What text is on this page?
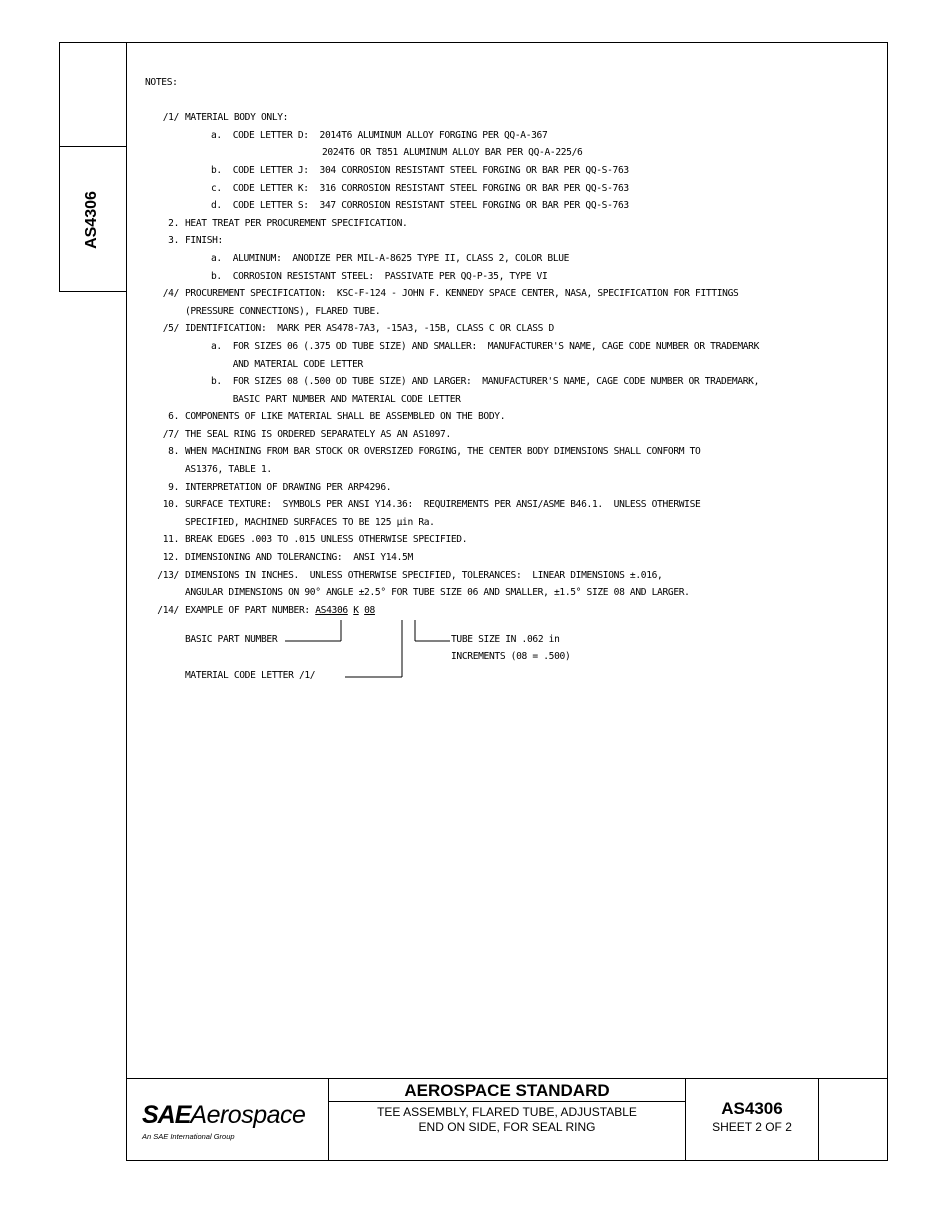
AS4306
NOTES:
/1/ MATERIAL BODY ONLY:
a.  CODE LETTER D:  2014T6 ALUMINUM ALLOY FORGING PER QQ-A-367
2024T6 OR T851 ALUMINUM ALLOY BAR PER QQ-A-225/6
b.  CODE LETTER J:  304 CORROSION RESISTANT STEEL FORGING OR BAR PER QQ-S-763
c.  CODE LETTER K:  316 CORROSION RESISTANT STEEL FORGING OR BAR PER QQ-S-763
d.  CODE LETTER S:  347 CORROSION RESISTANT STEEL FORGING OR BAR PER QQ-S-763
2. HEAT TREAT PER PROCUREMENT SPECIFICATION.
3. FINISH:
a.  ALUMINUM:  ANODIZE PER MIL-A-8625 TYPE II, CLASS 2, COLOR BLUE
b.  CORROSION RESISTANT STEEL:  PASSIVATE PER QQ-P-35, TYPE VI
/4/ PROCUREMENT SPECIFICATION:  KSC-F-124 - JOHN F. KENNEDY SPACE CENTER, NASA, SPECIFICATION FOR FITTINGS
(PRESSURE CONNECTIONS), FLARED TUBE.
/5/ IDENTIFICATION:  MARK PER AS478-7A3, -15A3, -15B, CLASS C OR CLASS D
a.  FOR SIZES 06 (.375 OD TUBE SIZE) AND SMALLER:  MANUFACTURER'S NAME, CAGE CODE NUMBER OR TRADEMARK
AND MATERIAL CODE LETTER
b.  FOR SIZES 08 (.500 OD TUBE SIZE) AND LARGER:  MANUFACTURER'S NAME, CAGE CODE NUMBER OR TRADEMARK,
BASIC PART NUMBER AND MATERIAL CODE LETTER
6. COMPONENTS OF LIKE MATERIAL SHALL BE ASSEMBLED ON THE BODY.
/7/ THE SEAL RING IS ORDERED SEPARATELY AS AN AS1097.
8. WHEN MACHINING FROM BAR STOCK OR OVERSIZED FORGING, THE CENTER BODY DIMENSIONS SHALL CONFORM TO
AS1376, TABLE 1.
9. INTERPRETATION OF DRAWING PER ARP4296.
10. SURFACE TEXTURE:  SYMBOLS PER ANSI Y14.36:  REQUIREMENTS PER ANSI/ASME B46.1.  UNLESS OTHERWISE
SPECIFIED, MACHINED SURFACES TO BE 125 μin Ra.
11. BREAK EDGES .003 TO .015 UNLESS OTHERWISE SPECIFIED.
12. DIMENSIONING AND TOLERANCING:  ANSI Y14.5M
/13/ DIMENSIONS IN INCHES.  UNLESS OTHERWISE SPECIFIED, TOLERANCES:  LINEAR DIMENSIONS ±.016,
ANGULAR DIMENSIONS ON 90° ANGLE ±2.5° FOR TUBE SIZE 06 AND SMALLER, ±1.5° SIZE 08 AND LARGER.
/14/ EXAMPLE OF PART NUMBER: AS4306 K 08
BASIC PART NUMBER	TUBE SIZE IN .062 in
INCREMENTS (08 = .500)
MATERIAL CODE LETTER /1/
SAEAerospace
An SAE International Group
AEROSPACE STANDARD
TEE ASSEMBLY, FLARED TUBE, ADJUSTABLE
END ON SIDE, FOR SEAL RING
AS4306
SHEET 2 OF 2
